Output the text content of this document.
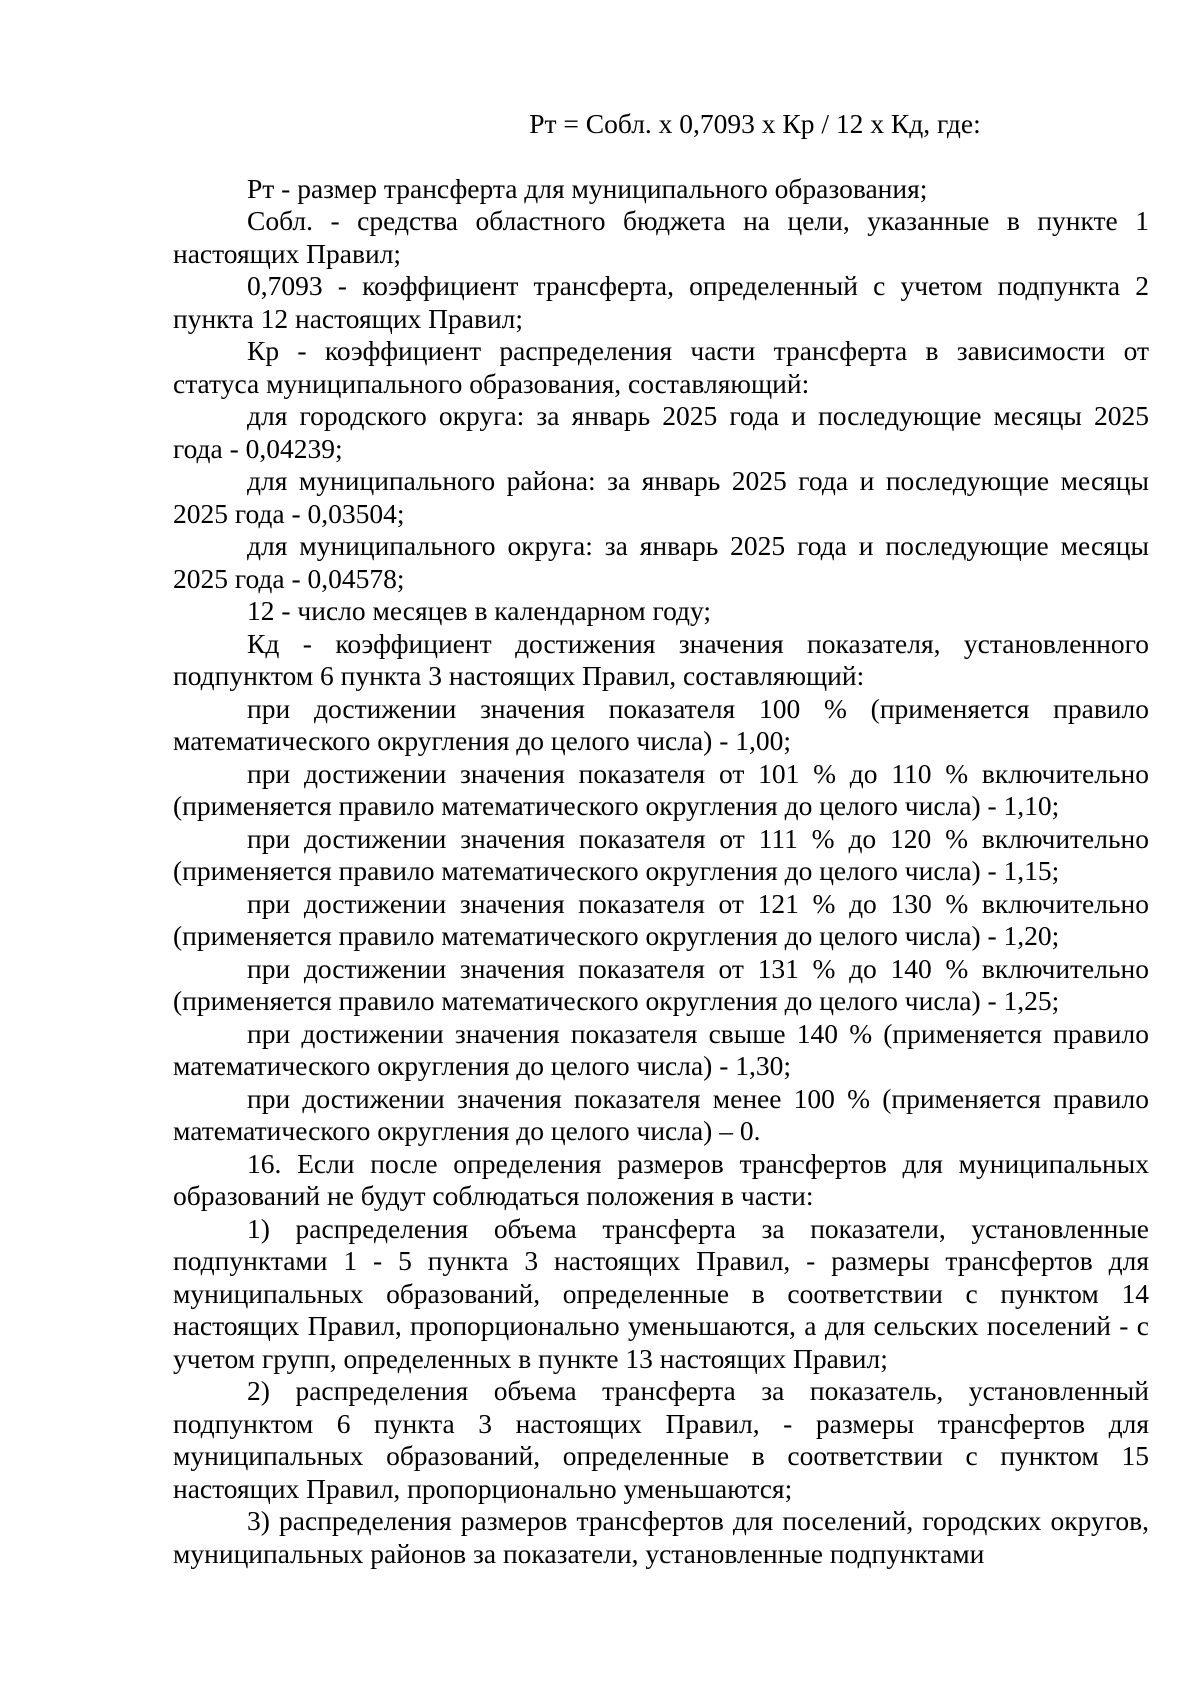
Рт = Собл. х 0,7093 х Кр / 12 х Кд, где:

Рт - размер трансферта для муниципального образования;

Собл. - средства областного бюджета на цели, указанные в пункте 1 настоящих Правил;

0,7093 - коэффициент трансферта, определенный с учетом подпункта 2 пункта 12 настоящих Правил;

Кр - коэффициент распределения части трансферта в зависимости от статуса муниципального образования, составляющий:

для городского округа: за январь 2025 года и последующие месяцы 2025 года - 0,04239;

для муниципального района: за январь 2025 года и последующие месяцы 2025 года - 0,03504;

для муниципального округа: за январь 2025 года и последующие месяцы 2025 года - 0,04578;

12 - число месяцев в календарном году;

Кд - коэффициент достижения значения показателя, установленного подпунктом 6 пункта 3 настоящих Правил, составляющий:

при достижении значения показателя 100 % (применяется правило математического округления до целого числа) - 1,00;

при достижении значения показателя от 101 % до 110 % включительно (применяется правило математического округления до целого числа) - 1,10;

при достижении значения показателя от 111 % до 120 % включительно (применяется правило математического округления до целого числа) - 1,15;

при достижении значения показателя от 121 % до 130 % включительно (применяется правило математического округления до целого числа) - 1,20;

при достижении значения показателя от 131 % до 140 % включительно (применяется правило математического округления до целого числа) - 1,25;

при достижении значения показателя свыше 140 % (применяется правило математического округления до целого числа) - 1,30;

при достижении значения показателя менее 100 % (применяется правило математического округления до целого числа) – 0.

16. Если после определения размеров трансфертов для муниципальных образований не будут соблюдаться положения в части:

1) распределения объема трансферта за показатели, установленные подпунктами 1 - 5 пункта 3 настоящих Правил, - размеры трансфертов для муниципальных образований, определенные в соответствии с пунктом 14 настоящих Правил, пропорционально уменьшаются, а для сельских поселений - с учетом групп, определенных в пункте 13 настоящих Правил;

2) распределения объема трансферта за показатель, установленный подпунктом 6 пункта 3 настоящих Правил, - размеры трансфертов для муниципальных образований, определенные в соответствии с пунктом 15 настоящих Правил, пропорционально уменьшаются;

3) распределения размеров трансфертов для поселений, городских округов, муниципальных районов за показатели, установленные подпунктами
